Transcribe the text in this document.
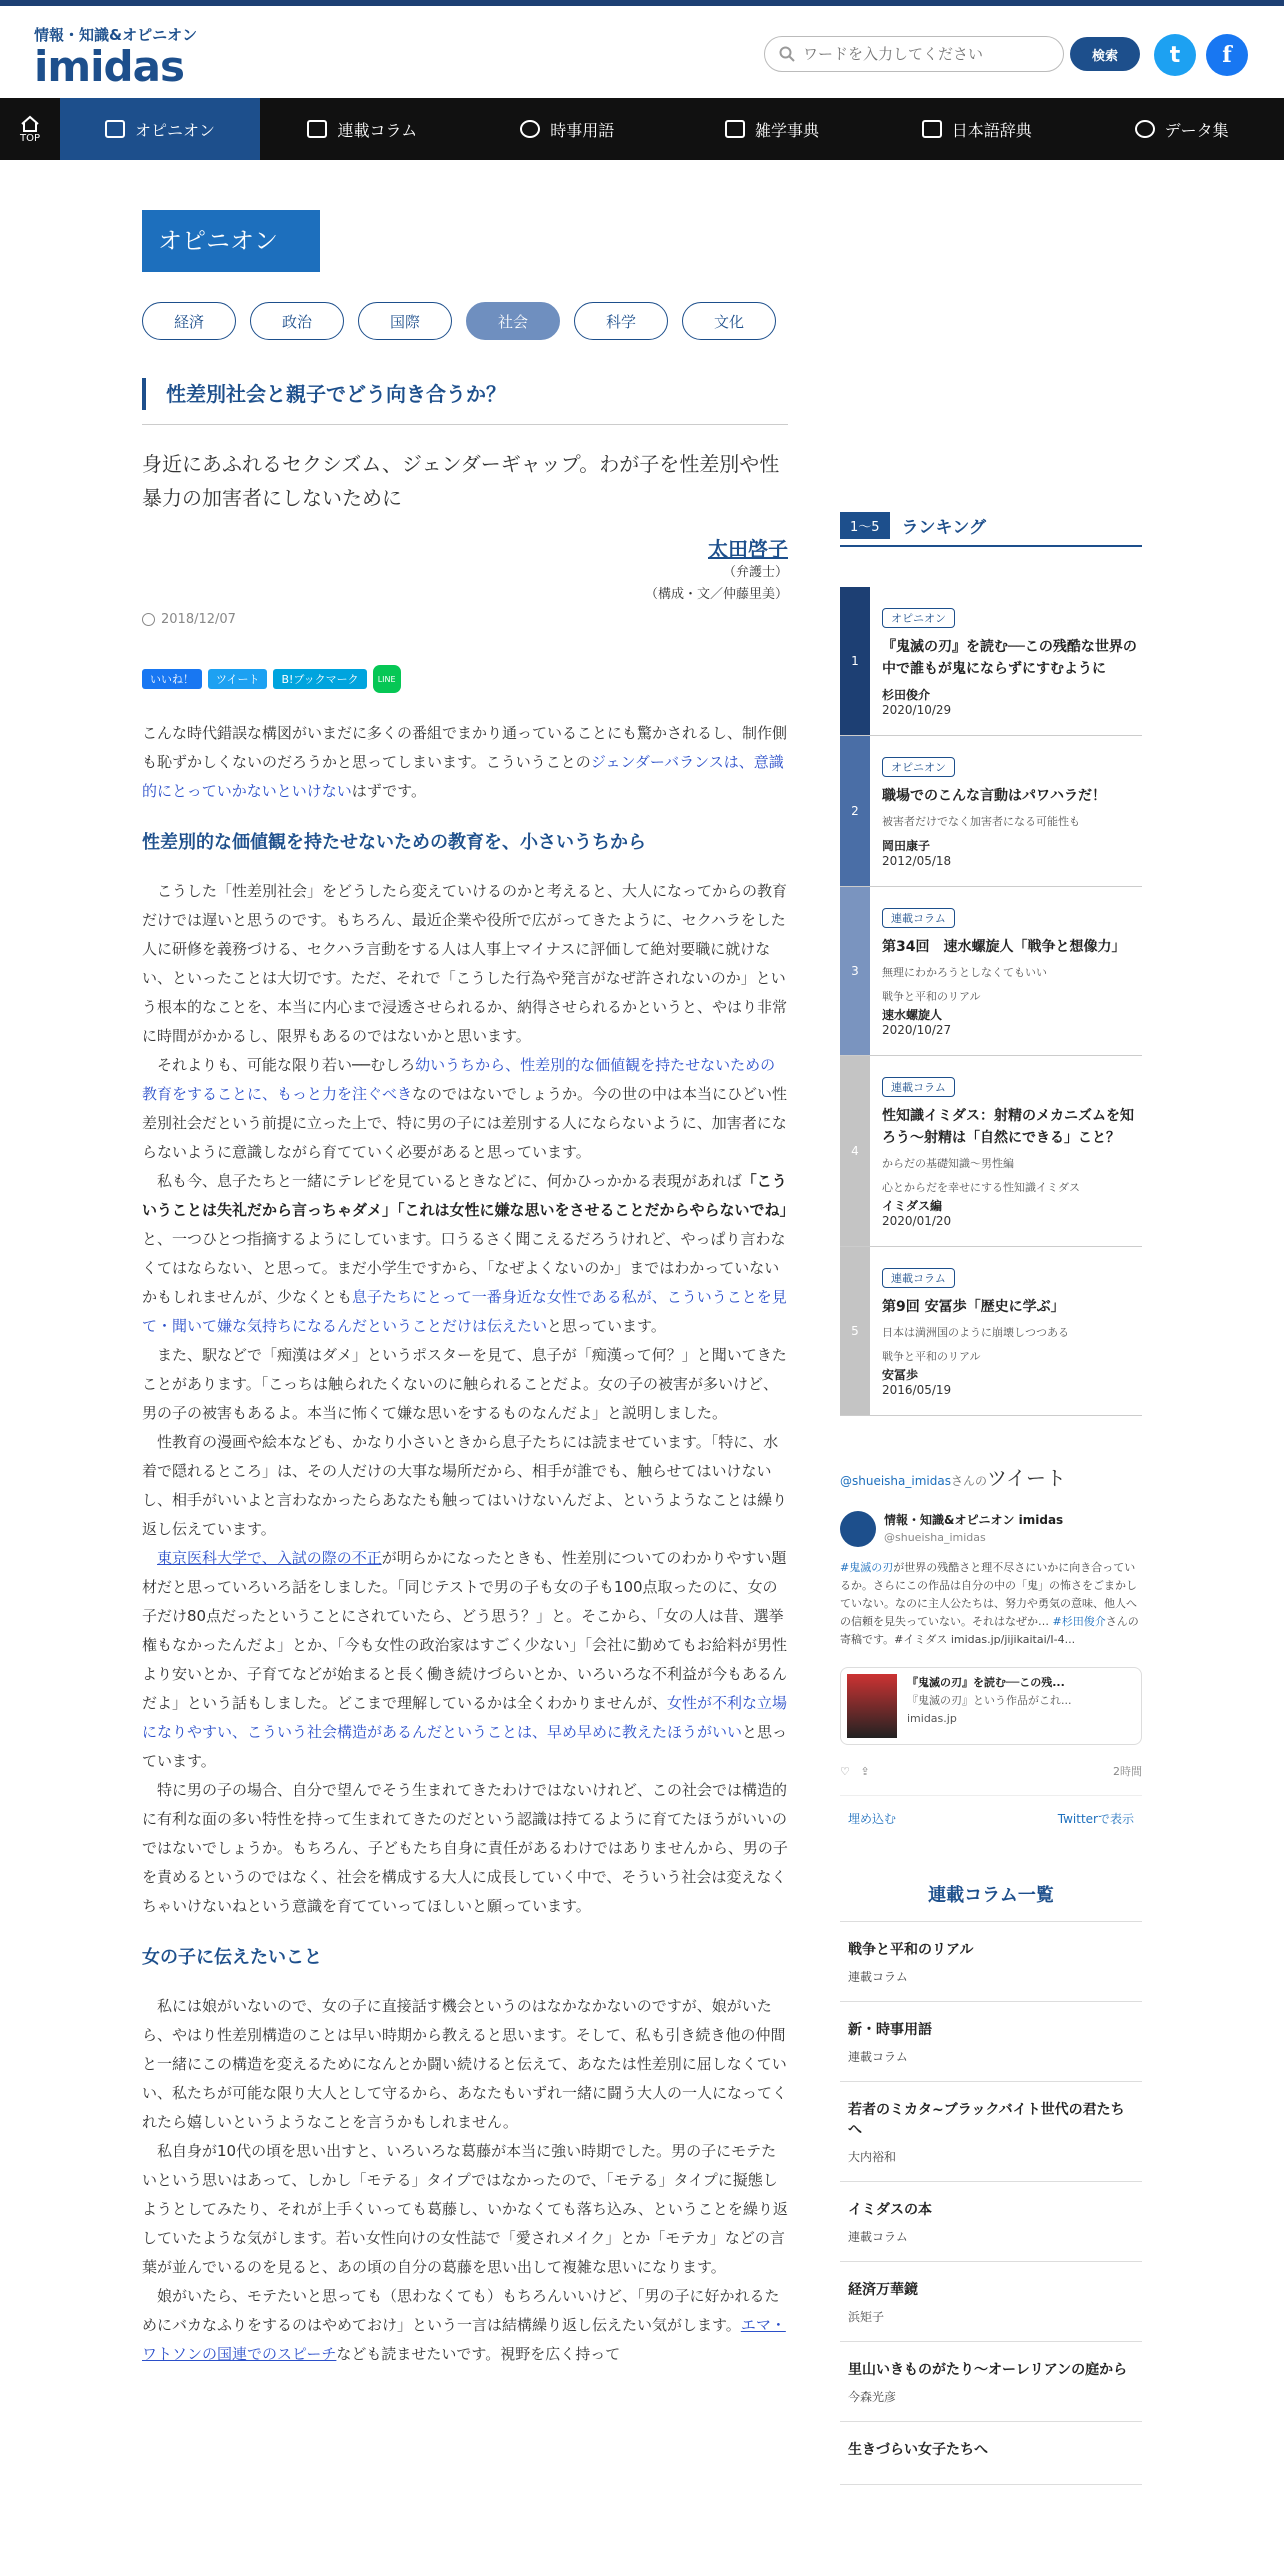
情報・知識&オピニオン
imidas
ワードを入力してください	検索	t	f
TOP	オピニオン	連載コラム	時事用語	雑学事典	日本語辞典	データ集
オピニオン
経済	政治	国際	社会	科学	文化
性差別社会と親子でどう向き合うか？
身近にあふれるセクシズム、ジェンダーギャップ。わが子を性差別や性暴力の加害者にしないために
太田啓子
（弁護士）
（構成・文／仲藤里美）
2018/12/07
いいね！	ツイート	B!ブックマーク	LINE

こんな時代錯誤な構図がいまだに多くの番組でまかり通っていることにも驚かされるし、制作側も恥ずかしくないのだろうかと思ってしまいます。こういうことのジェンダーバランスは、意識的にとっていかないといけないはずです。

性差別的な価値観を持たせないための教育を、小さいうちから

こうした「性差別社会」をどうしたら変えていけるのかと考えると、大人になってからの教育だけでは遅いと思うのです。もちろん、最近企業や役所で広がってきたように、セクハラをした人に研修を義務づける、セクハラ言動をする人は人事上マイナスに評価して絶対要職に就けない、といったことは大切です。ただ、それで「こうした行為や発言がなぜ許されないのか」という根本的なことを、本当に内心まで浸透させられるか、納得させられるかというと、やはり非常に時間がかかるし、限界もあるのではないかと思います。

それよりも、可能な限り若い──むしろ幼いうちから、性差別的な価値観を持たせないための教育をすることに、もっと力を注ぐべきなのではないでしょうか。今の世の中は本当にひどい性差別社会だという前提に立った上で、特に男の子には差別する人にならないように、加害者にならないように意識しながら育てていく必要があると思っています。

私も今、息子たちと一緒にテレビを見ているときなどに、何かひっかかる表現があれば「こういうことは失礼だから言っちゃダメ」「これは女性に嫌な思いをさせることだからやらないでね」と、一つひとつ指摘するようにしています。口うるさく聞こえるだろうけれど、やっぱり言わなくてはならない、と思って。まだ小学生ですから、「なぜよくないのか」まではわかっていないかもしれませんが、少なくとも息子たちにとって一番身近な女性である私が、こういうことを見て・聞いて嫌な気持ちになるんだということだけは伝えたいと思っています。

また、駅などで「痴漢はダメ」というポスターを見て、息子が「痴漢って何？」と聞いてきたことがあります。「こっちは触られたくないのに触られることだよ。女の子の被害が多いけど、男の子の被害もあるよ。本当に怖くて嫌な思いをするものなんだよ」と説明しました。

性教育の漫画や絵本なども、かなり小さいときから息子たちには読ませています。「特に、水着で隠れるところ」は、その人だけの大事な場所だから、相手が誰でも、触らせてはいけないし、相手がいいよと言わなかったらあなたも触ってはいけないんだよ、というようなことは繰り返し伝えています。

東京医科大学で、入試の際の不正が明らかになったときも、性差別についてのわかりやすい題材だと思っていろいろ話をしました。「同じテストで男の子も女の子も100点取ったのに、女の子だけ80点だったということにされていたら、どう思う？」と。そこから、「女の人は昔、選挙権もなかったんだよ」とか、「今も女性の政治家はすごく少ない」「会社に勤めてもお給料が男性より安いとか、子育てなどが始まると長く働き続けづらいとか、いろいろな不利益が今もあるんだよ」という話もしました。どこまで理解しているかは全くわかりませんが、女性が不利な立場になりやすい、こういう社会構造があるんだということは、早め早めに教えたほうがいいと思っています。

特に男の子の場合、自分で望んでそう生まれてきたわけではないけれど、この社会では構造的に有利な面の多い特性を持って生まれてきたのだという認識は持てるように育てたほうがいいのではないでしょうか。もちろん、子どもたち自身に責任があるわけではありませんから、男の子を責めるというのではなく、社会を構成する大人に成長していく中で、そういう社会は変えなくちゃいけないねという意識を育てていってほしいと願っています。

女の子に伝えたいこと

私には娘がいないので、女の子に直接話す機会というのはなかなかないのですが、娘がいたら、やはり性差別構造のことは早い時期から教えると思います。そして、私も引き続き他の仲間と一緒にこの構造を変えるためになんとか闘い続けると伝えて、あなたは性差別に屈しなくていい、私たちが可能な限り大人として守るから、あなたもいずれ一緒に闘う大人の一人になってくれたら嬉しいというようなことを言うかもしれません。

私自身が10代の頃を思い出すと、いろいろな葛藤が本当に強い時期でした。男の子にモテたいという思いはあって、しかし「モテる」タイプではなかったので、「モテる」タイプに擬態しようとしてみたり、それが上手くいっても葛藤し、いかなくても落ち込み、ということを繰り返していたような気がします。若い女性向けの女性誌で「愛されメイク」とか「モテカ」などの言葉が並んでいるのを見ると、あの頃の自分の葛藤を思い出して複雑な思いになります。

娘がいたら、モテたいと思っても（思わなくても）もちろんいいけど、「男の子に好かれるためにバカなふりをするのはやめておけ」という一言は結構繰り返し伝えたい気がします。エマ・ワトソンの国連でのスピーチなども読ませたいです。視野を広く持って

1～5	ランキング
1
オピニオン
『鬼滅の刃』を読む──この残酷な世界の中で誰もが鬼にならずにすむように
杉田俊介
2020/10/29
2
オピニオン
職場でのこんな言動はパワハラだ！
被害者だけでなく加害者になる可能性も
岡田康子
2012/05/18
3
連載コラム
第34回　速水螺旋人「戦争と想像力」
無理にわかろうとしなくてもいい
戦争と平和のリアル
速水螺旋人
2020/10/27
4
連載コラム
性知識イミダス：射精のメカニズムを知ろう～射精は「自然にできる」こと？
からだの基礎知識～男性編
心とからだを幸せにする性知識イミダス
イミダス編
2020/01/20
5
連載コラム
第9回 安冨歩「歴史に学ぶ」
日本は満洲国のように崩壊しつつある
戦争と平和のリアル
安冨歩
2016/05/19
@shueisha_imidas さんの ツイート
情報・知識&オピニオン imidas
@shueisha_imidas
#鬼滅の刃が世界の残酷さと理不尽さにいかに向き合っているか。さらにこの作品は自分の中の「鬼」の怖さをごまかしていない。なのに主人公たちは、努力や勇気の意味、他人への信頼を見失っていない。それはなぜか… #杉田俊介さんの寄稿です。#イミダス imidas.jp/jijikaitai/I-4...
『鬼滅の刃』を読む──この残...
『鬼滅の刃』という作品がこれ...
imidas.jp
♡   ⇪	2時間
埋め込む	Twitterで表示
連載コラム一覧
戦争と平和のリアル
連載コラム
新・時事用語
連載コラム
若者のミカタ~ブラックバイト世代の君たちへ
大内裕和
イミダスの本
連載コラム
経済万華鏡
浜矩子
里山いきものがたり～オーレリアンの庭から
今森光彦
生きづらい女子たちへ
